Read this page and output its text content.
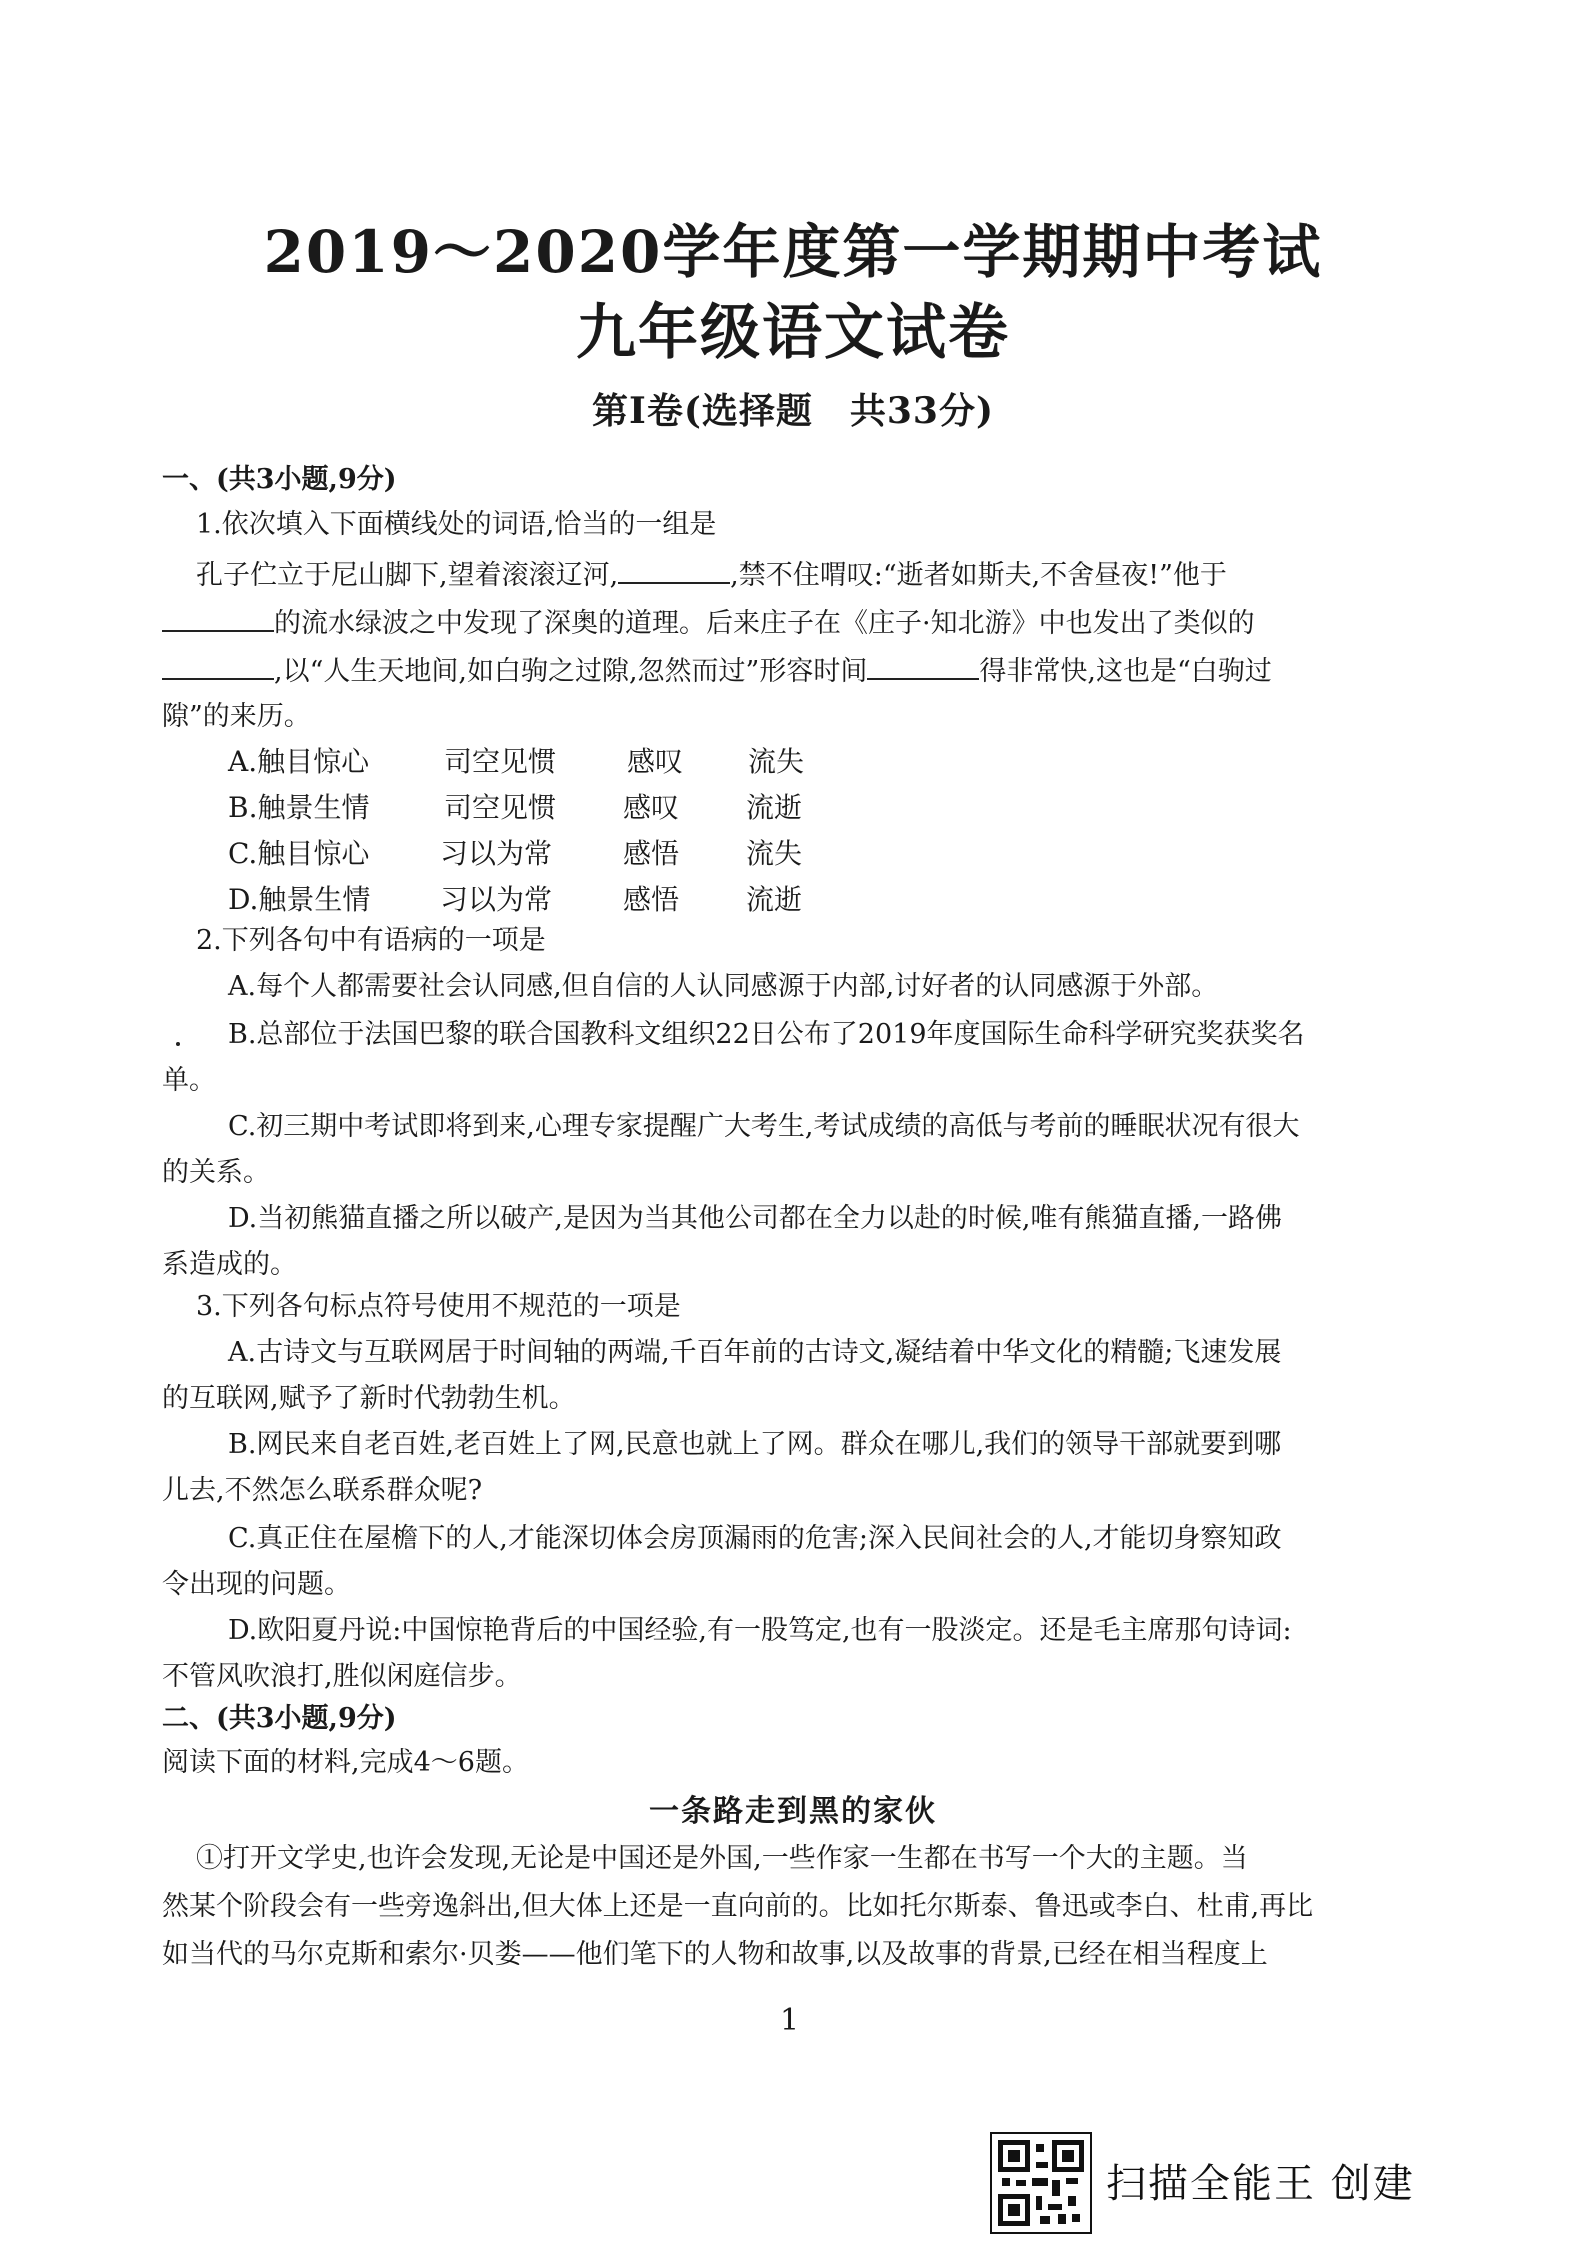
2019～2020学年度第一学期期中考试
九年级语文试卷
第Ⅰ卷(选择题　共33分)
一、(共3小题,9分)
1.依次填入下面横线处的词语,恰当的一组是
孔子伫立于尼山脚下,望着滚滚辽河,	,禁不住喟叹:“逝者如斯夫,不舍昼夜!”他于
的流水绿波之中发现了深奥的道理。后来庄子在《庄子·知北游》中也发出了类似的
,以“人生天地间,如白驹之过隙,忽然而过”形容时间	得非常快,这也是“白驹过
隙”的来历。
A.触目惊心	司空见惯	感叹 流失
B.触景生情	司空见惯 感叹 流逝
C.触目惊心	习以为常	感悟 流失
D.触景生情 习以为常	感悟 流逝
2.下列各句中有语病的一项是
A.每个人都需要社会认同感,但自信的人认同感源于内部,讨好者的认同感源于外部。
B.总部位于法国巴黎的联合国教科文组织22日公布了2019年度国际生命科学研究奖获奖名
单。
C.初三期中考试即将到来,心理专家提醒广大考生,考试成绩的高低与考前的睡眠状况有很大
的关系。
D.当初熊猫直播之所以破产,是因为当其他公司都在全力以赴的时候,唯有熊猫直播,一路佛
系造成的。
3.下列各句标点符号使用不规范的一项是
A.古诗文与互联网居于时间轴的两端,千百年前的古诗文,凝结着中华文化的精髓;飞速发展
的互联网,赋予了新时代勃勃生机。
B.网民来自老百姓,老百姓上了网,民意也就上了网。群众在哪儿,我们的领导干部就要到哪
儿去,不然怎么联系群众呢?
C.真正住在屋檐下的人,才能深切体会房顶漏雨的危害;深入民间社会的人,才能切身察知政
令出现的问题。
D.欧阳夏丹说:中国惊艳背后的中国经验,有一股笃定,也有一股淡定。还是毛主席那句诗词:
不管风吹浪打,胜似闲庭信步。
二、(共3小题,9分)
阅读下面的材料,完成4～6题。
一条路走到黑的家伙
①打开文学史,也许会发现,无论是中国还是外国,一些作家一生都在书写一个大的主题。当
然某个阶段会有一些旁逸斜出,但大体上还是一直向前的。比如托尔斯泰、鲁迅或李白、杜甫,再比
如当代的马尔克斯和索尔·贝娄——他们笔下的人物和故事,以及故事的背景,已经在相当程度上
1
扫描全能王 创建
